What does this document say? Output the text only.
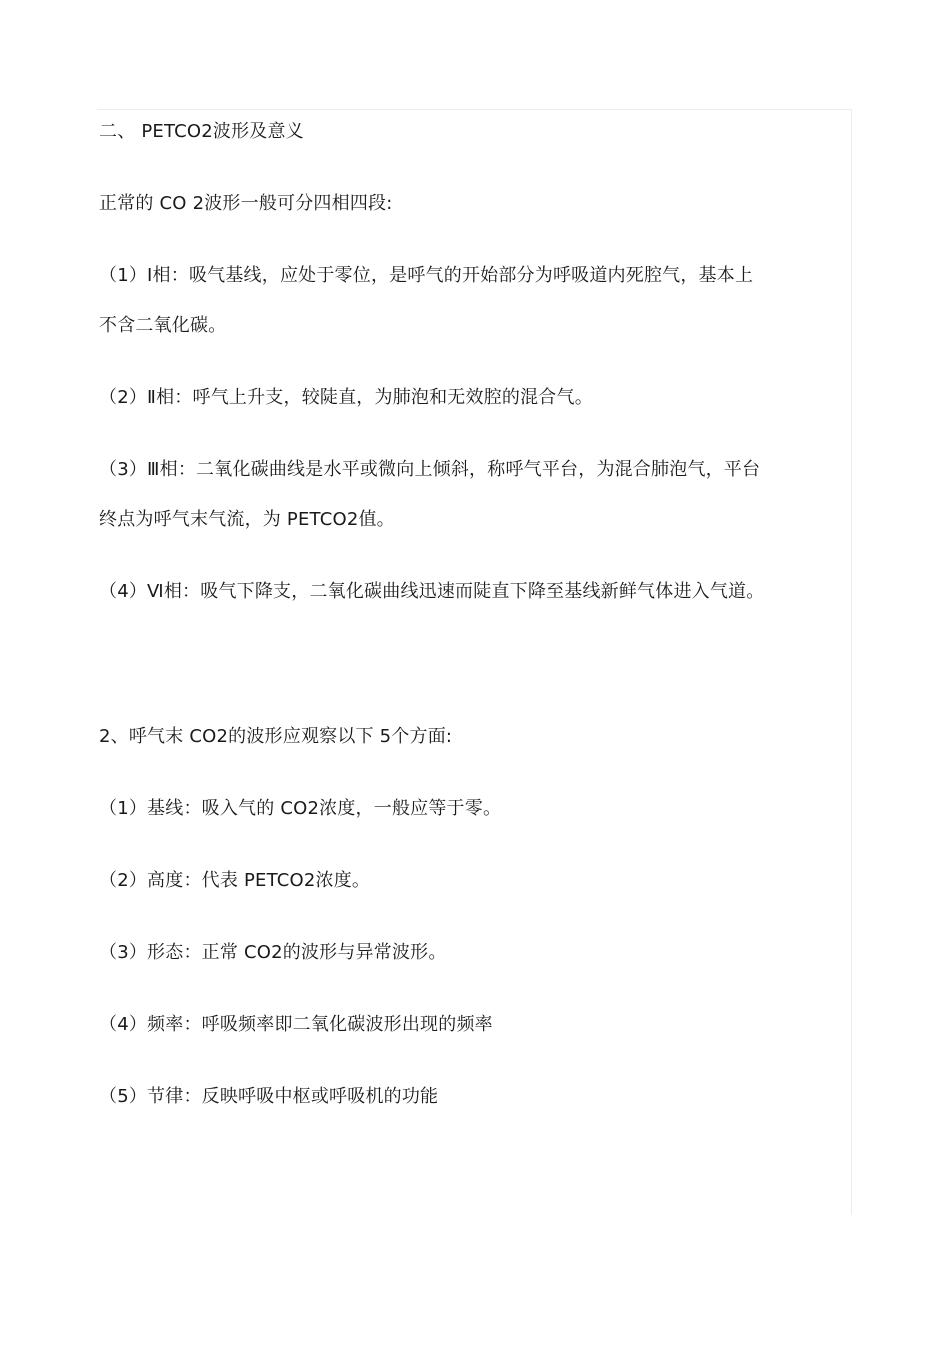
二、 PETCO2波形及意义
正常的 CO 2波形一般可分四相四段:
（1）Ⅰ相：吸气基线，应处于零位，是呼气的开始部分为呼吸道内死腔气，基本上
不含二氧化碳。
（2）Ⅱ相：呼气上升支，较陡直，为肺泡和无效腔的混合气。
（3）Ⅲ相：二氧化碳曲线是水平或微向上倾斜，称呼气平台，为混合肺泡气，平台
终点为呼气末气流，为 PETCO2值。
（4）Ⅵ相：吸气下降支，二氧化碳曲线迅速而陡直下降至基线新鲜气体进入气道。
2、呼气末 CO2的波形应观察以下 5个方面:
（1）基线：吸入气的 CO2浓度，一般应等于零。
（2）高度：代表 PETCO2浓度。
（3）形态：正常 CO2的波形与异常波形。
（4）频率：呼吸频率即二氧化碳波形出现的频率
（5）节律：反映呼吸中枢或呼吸机的功能
